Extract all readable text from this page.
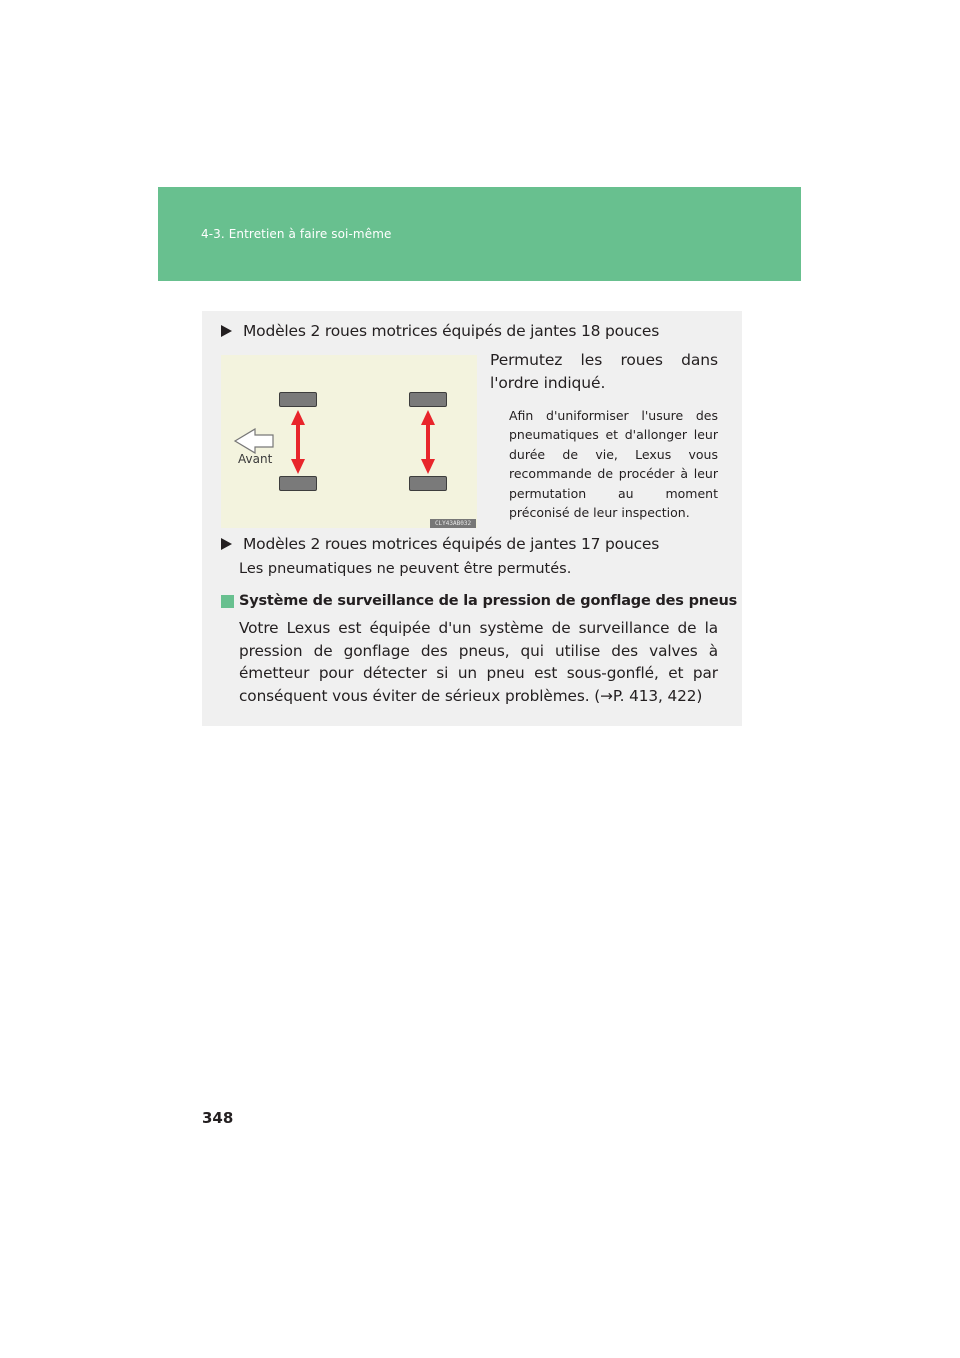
4-3. Entretien à faire soi-même
Modèles 2 roues motrices équipés de jantes 18 pouces
Avant
CLY43AB032
Permutez les roues dans l'ordre indiqué.
Afin d'uniformiser l'usure des pneumatiques et d'allonger leur durée de vie, Lexus vous recommande de procéder à leur permutation au moment préconisé de leur inspection.
Modèles 2 roues motrices équipés de jantes 17 pouces
Les pneumatiques ne peuvent être permutés.
Système de surveillance de la pression de gonflage des pneus
Votre Lexus est équipée d'un système de surveillance de la pression de gonflage des pneus, qui utilise des valves à émetteur pour détecter si un pneu est sous-gonflé, et par conséquent vous éviter de sérieux problèmes. (→P. 413, 422)
348
